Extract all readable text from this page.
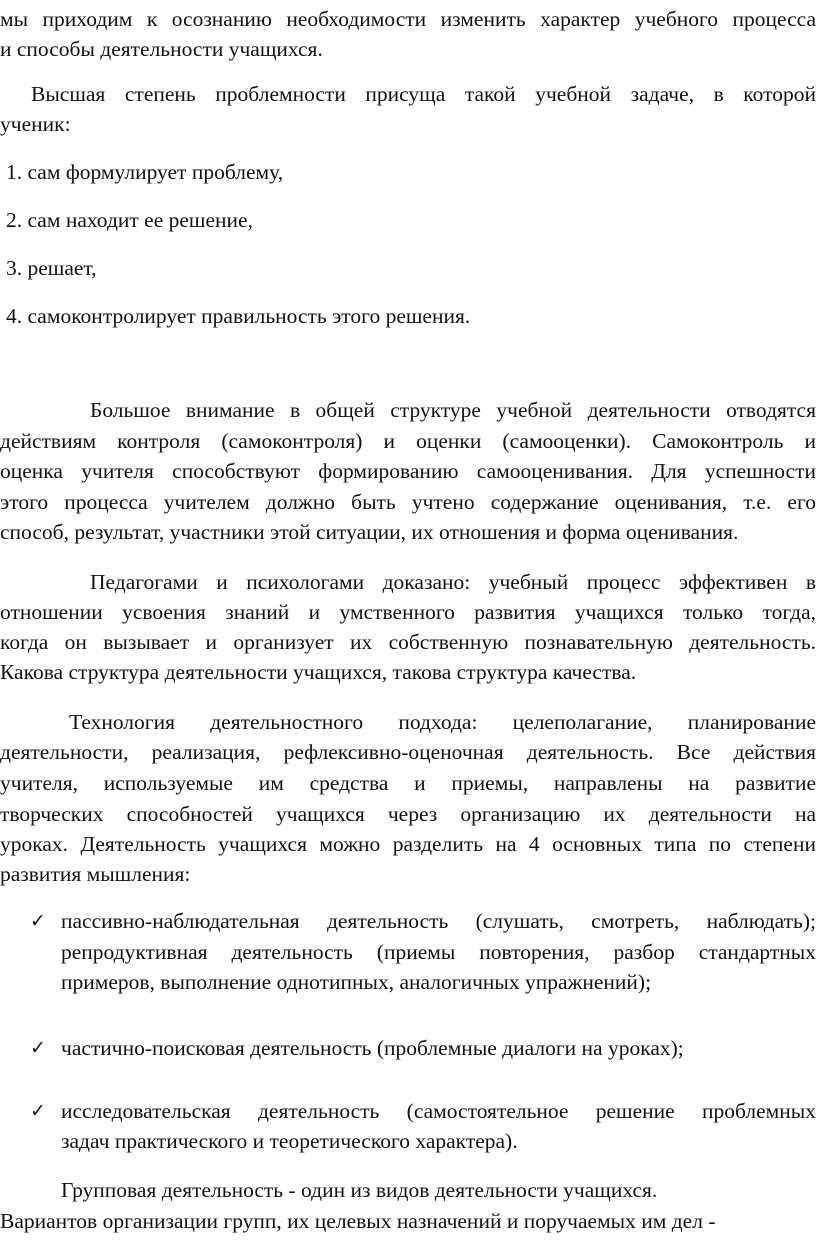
мы приходим к осознанию необходимости изменить характер учебного процесса
и способы деятельности учащихся.
Высшая степень проблемности присуща такой учебной задаче, в которой
ученик:
1. сам формулирует проблему,
2. сам находит ее решение,
3. решает,
4. самоконтролирует правильность этого решения.
Большое внимание в общей структуре учебной деятельности отводятся
действиям контроля (самоконтроля) и оценки (самооценки). Самоконтроль и
оценка учителя способствуют формированию самооценивания. Для успешности
этого процесса учителем должно быть учтено содержание оценивания, т.е. его
способ, результат, участники этой ситуации, их отношения и форма оценивания.
Педагогами и психологами доказано: учебный процесс эффективен в
отношении усвоения знаний и умственного развития учащихся только тогда,
когда он вызывает и организует их собственную познавательную деятельность.
Какова структура деятельности учащихся, такова структура качества.
Технология деятельностного подхода: целеполагание, планирование
деятельности, реализация, рефлексивно-оценочная деятельность. Все действия
учителя, используемые им средства и приемы, направлены на развитие
творческих способностей учащихся через организацию их деятельности на
уроках. Деятельность учащихся можно разделить на 4 основных типа по степени
развития мышления:
✓ пассивно-наблюдательная деятельность (слушать, смотреть, наблюдать);
репродуктивная деятельность (приемы повторения, разбор стандартных
примеров, выполнение однотипных, аналогичных упражнений);
✓ частично-поисковая деятельность (проблемные диалоги на уроках);
✓ исследовательская деятельность (самостоятельное решение проблемных
задач практического и теоретического характера).
Групповая деятельность - один из видов деятельности учащихся.
Вариантов организации групп, их целевых назначений и поручаемых им дел -
